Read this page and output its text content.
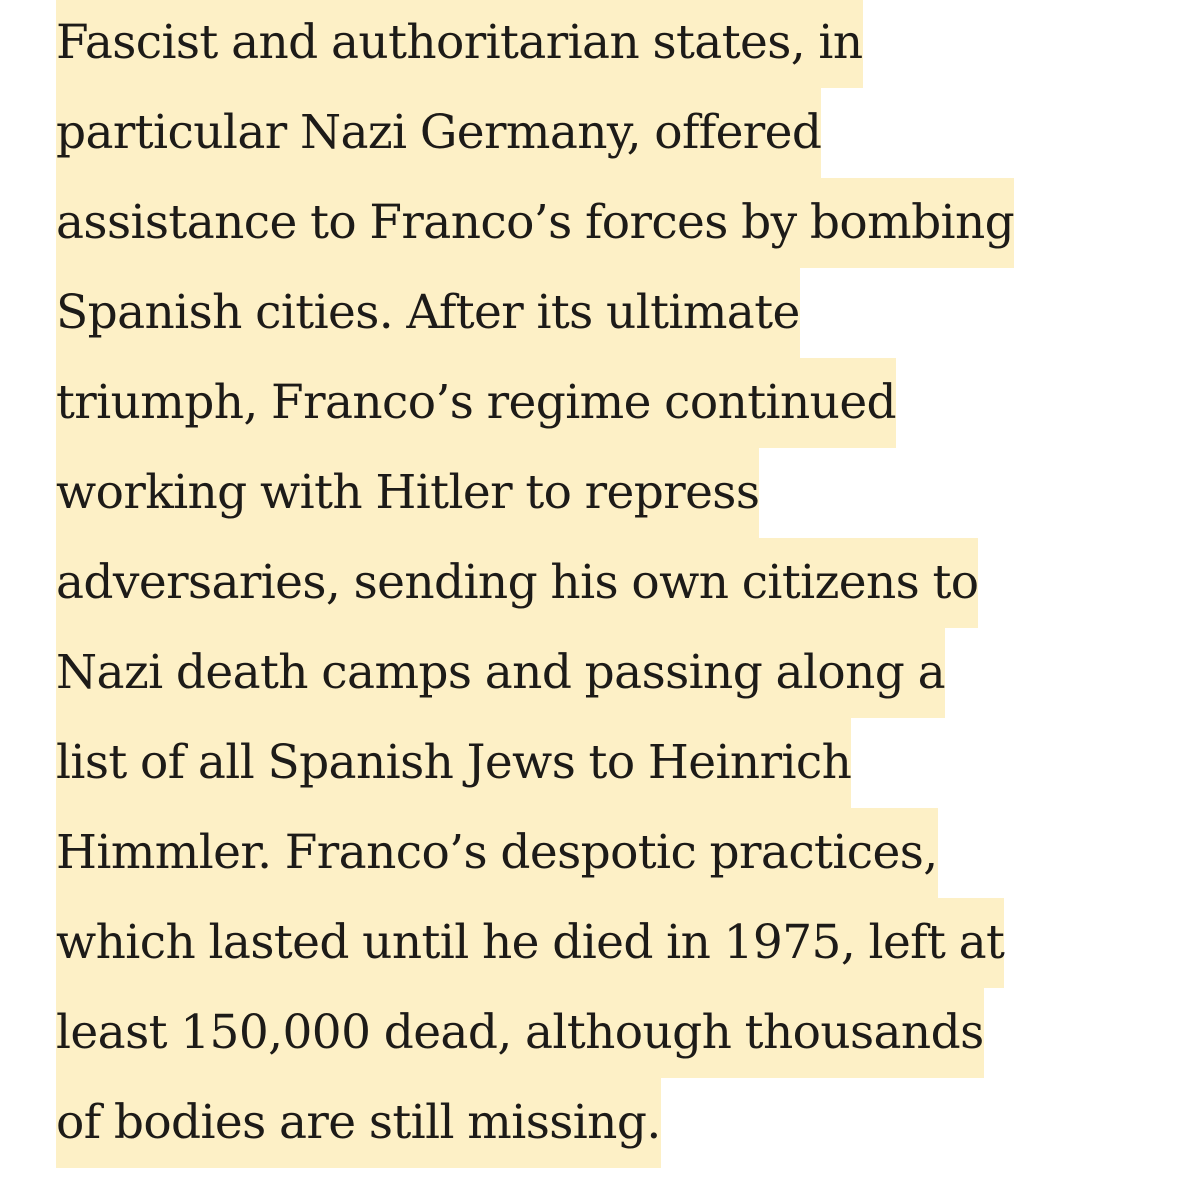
Fascist and authoritarian states, in
particular Nazi Germany, offered
assistance to Franco’s forces by bombing
Spanish cities. After its ultimate
triumph, Franco’s regime continued
working with Hitler to repress
adversaries, sending his own citizens to
Nazi death camps and passing along a
list of all Spanish Jews to Heinrich
Himmler. Franco’s despotic practices,
which lasted until he died in 1975, left at
least 150,000 dead, although thousands
of bodies are still missing.
